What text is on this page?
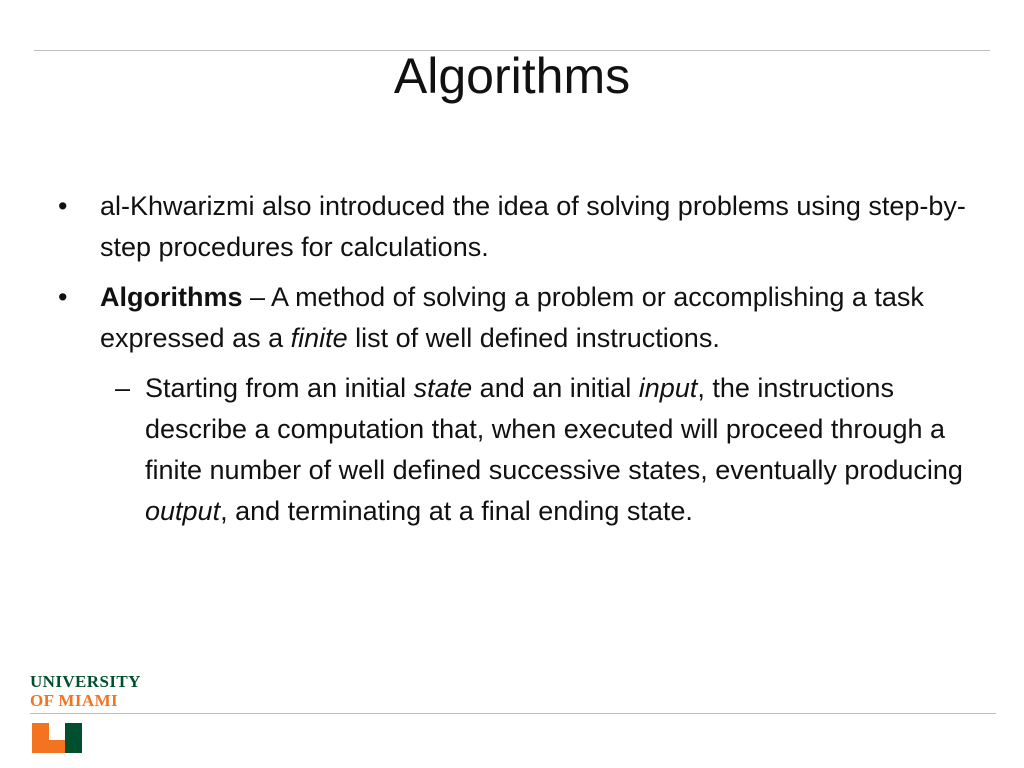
Algorithms
•	al-Khwarizmi also introduced the idea of solving problems using step-by-step procedures for calculations.
•	Algorithms – A method of solving a problem or accomplishing a task expressed as a finite list of well defined instructions.
– Starting from an initial state and an initial input, the instructions describe a computation that, when executed will proceed through a finite number of well defined successive states, eventually producing output, and terminating at a final ending state.
UNIVERSITY
OF MIAMI
